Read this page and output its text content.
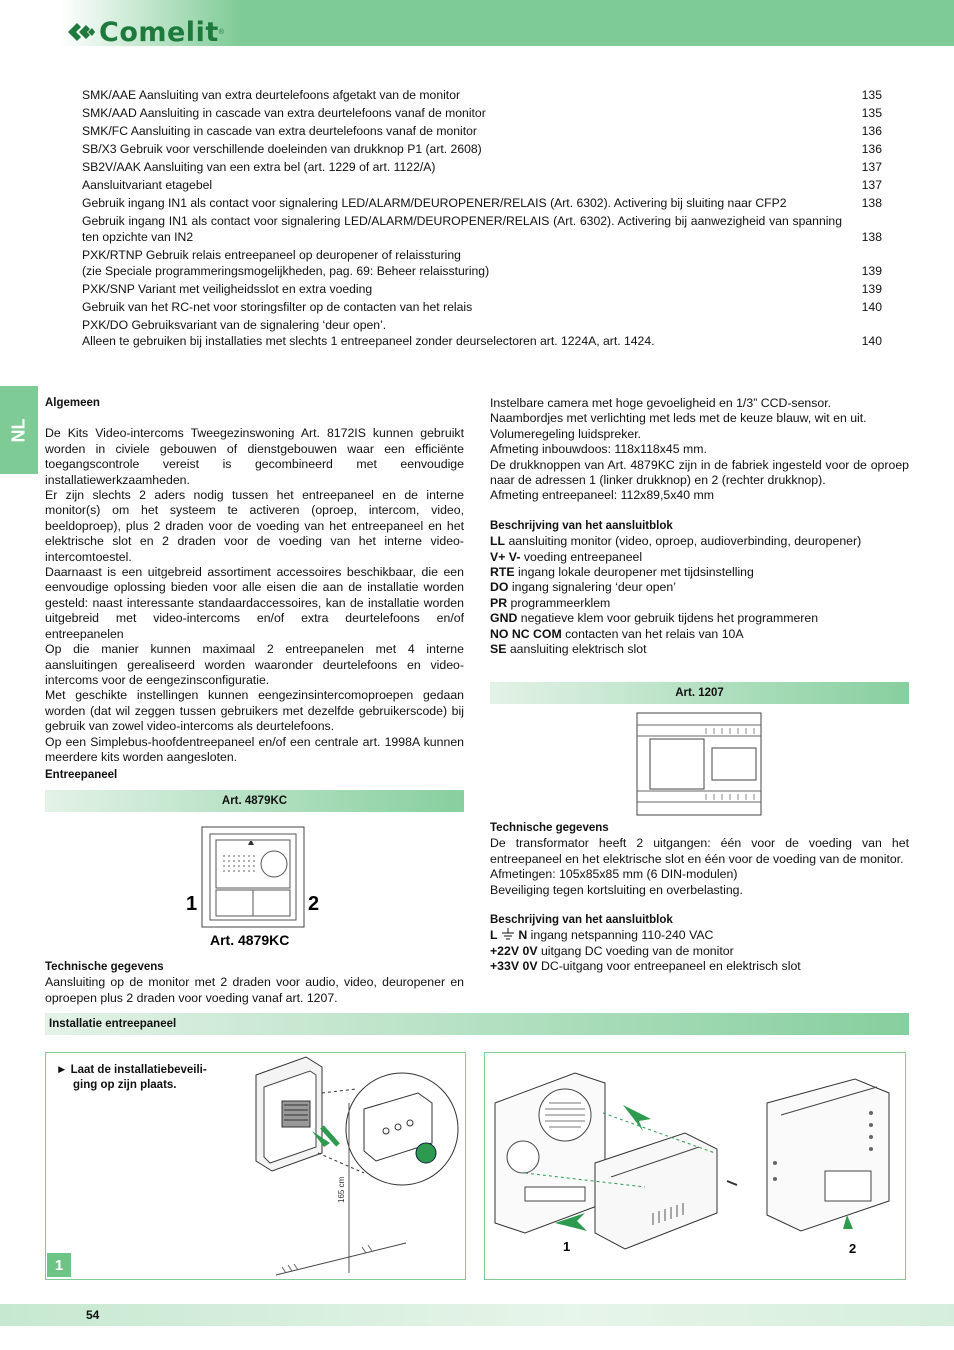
Comelit ®
SMK/AAE Aansluiting van extra deurtelefoons afgetakt van de monitor	135
SMK/AAD Aansluiting in cascade van extra deurtelefoons vanaf de monitor	135
SMK/FC Aansluiting in cascade van extra deurtelefoons vanaf de monitor	136
SB/X3 Gebruik voor verschillende doeleinden van drukknop P1 (art. 2608)	136
SB2V/AAK Aansluiting van een extra bel (art. 1229 of art. 1122/A)	137
Aansluitvariant etagebel	137
Gebruik ingang IN1 als contact voor signalering LED/ALARM/DEUROPENER/RELAIS (Art. 6302). Activering bij sluiting naar CFP2	138
Gebruik ingang IN1 als contact voor signalering LED/ALARM/DEUROPENER/RELAIS (Art. 6302). Activering bij aanwezigheid van spanning ten opzichte van IN2	138
PXK/RTNP Gebruik relais entreepaneel op deuropener of relaissturing
(zie Speciale programmeringsmogelijkheden, pag. 69: Beheer relaissturing)	139
PXK/SNP Variant met veiligheidsslot en extra voeding	139
Gebruik van het RC-net voor storingsfilter op de contacten van het relais	140
PXK/DO Gebruiksvariant van de signalering ‘deur open’.
Alleen te gebruiken bij installaties met slechts 1 entreepaneel zonder deurselectoren art. 1224A, art. 1424.	140
NL

Algemeen

De Kits Video-intercoms Tweegezinswoning Art. 8172IS kunnen gebruikt worden in civiele gebouwen of dienstgebouwen waar een efficiënte toegangscontrole vereist is gecombineerd met eenvoudige installatiewerkzaamheden.

Er zijn slechts 2 aders nodig tussen het entreepaneel en de interne monitor(s) om het systeem te activeren (oproep, intercom, video, beeldoproep), plus 2 draden voor de voeding van het entreepaneel en het elektrische slot en 2 draden voor de voeding van het interne video-intercomtoestel.

Daarnaast is een uitgebreid assortiment accessoires beschikbaar, die een eenvoudige oplossing bieden voor alle eisen die aan de installatie worden gesteld: naast interessante standaardaccessoires, kan de installatie worden uitgebreid met video-intercoms en/of extra deurtelefoons en/of entreepanelen

Op die manier kunnen maximaal 2 entreepanelen met 4 interne aansluitingen gerealiseerd worden waaronder deurtelefoons en video-intercoms voor de eengezinsconfiguratie.

Met geschikte instellingen kunnen eengezinsintercomoproepen gedaan worden (dat wil zeggen tussen gebruikers met dezelfde gebruikerscode) bij gebruik van zowel video-intercoms als deurtelefoons.

Op een Simplebus-hoofdentreepaneel en/of een centrale art. 1998A kunnen meerdere kits worden aangesloten.

Entreepaneel

Art. 4879KC
1	2
Art. 4879KC

Technische gegevens

Aansluiting op de monitor met 2 draden voor audio, video, deuropener en oproepen plus 2 draden voor voeding vanaf art. 1207.

Instelbare camera met hoge gevoeligheid en 1/3” CCD-sensor.

Naambordjes met verlichting met leds met de keuze blauw, wit en uit.

Volumeregeling luidspreker.

Afmeting inbouwdoos: 118x118x45 mm.

De drukknoppen van Art. 4879KC zijn in de fabriek ingesteld voor de oproep naar de adressen 1 (linker drukknop) en 2 (rechter drukknop).

Afmeting entreepaneel: 112x89,5x40 mm

Beschrijving van het aansluitblok

LL aansluiting monitor (video, oproep, audioverbinding, deuropener)

V+ V- voeding entreepaneel

RTE ingang lokale deuropener met tijdsinstelling

DO ingang signalering ‘deur open’

PR programmeerklem

GND negatieve klem voor gebruik tijdens het programmeren

NO NC COM contacten van het relais van 10A

SE aansluiting elektrisch slot

Art. 1207

Technische gegevens

De transformator heeft 2 uitgangen: één voor de voeding van het entreepaneel en het elektrische slot en één voor de voeding van de monitor.

Afmetingen: 105x85x85 mm (6 DIN-modulen)

Beveiliging tegen kortsluiting en overbelasting.

Beschrijving van het aansluitblok

L N ingang netspanning 110-240 VAC

+22V 0V uitgang DC voeding van de monitor

+33V 0V DC-uitgang voor entreepaneel en elektrisch slot

Installatie entreepaneel
► Laat de installatiebeveili-
ging op zijn plaats.
165 cm
1
1	2
54
